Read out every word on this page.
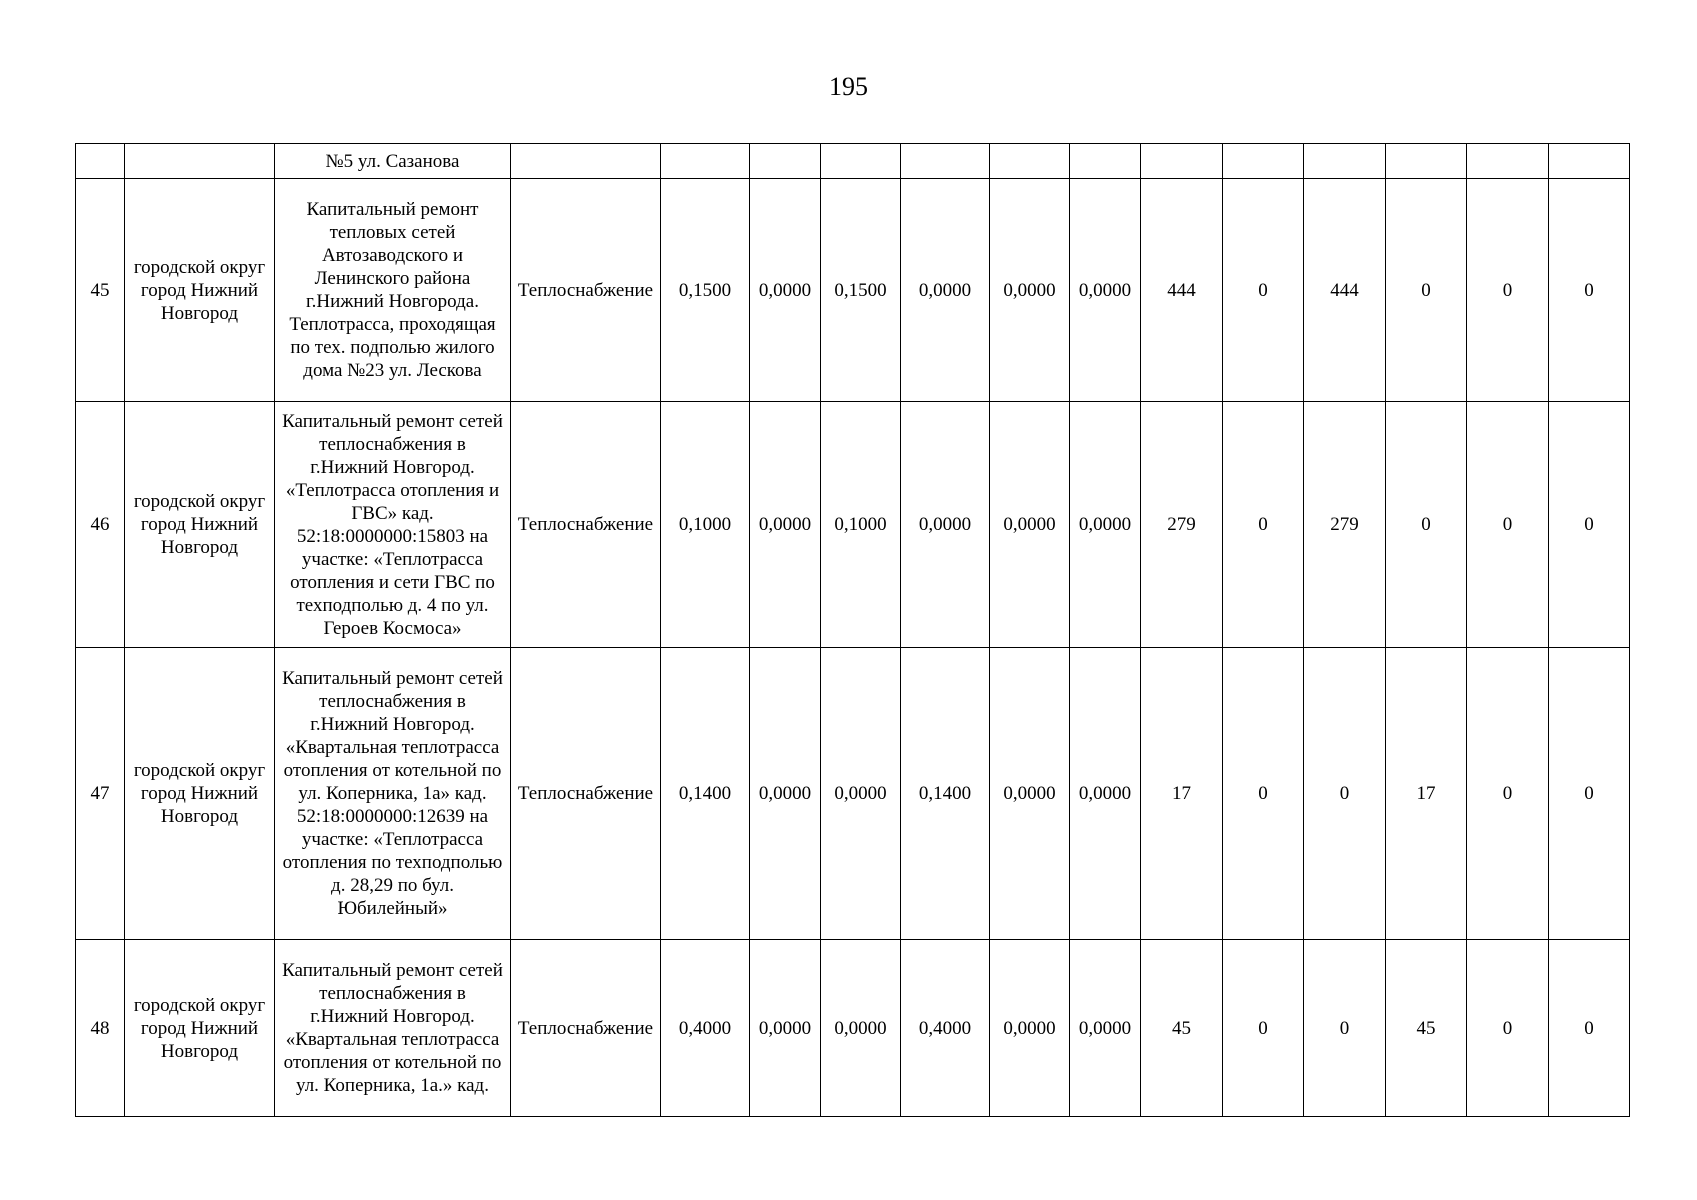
195
		№5 ул. Сазанова													
45	городской округ город Нижний Новгород	Капитальный ремонт тепловых сетей Автозаводского и Ленинского района г.Нижний Новгорода. Теплотрасса, проходящая по тех. подполью жилого дома №23 ул. Лескова	Теплоснабжение	0,1500	0,0000	0,1500	0,0000	0,0000	0,0000	444	0	444	0	0	0
46	городской округ город Нижний Новгород	Капитальный ремонт сетей теплоснабжения в г.Нижний Новгород. «Теплотрасса отопления и ГВС» кад. 52:18:0000000:15803 на участке: «Теплотрасса отопления и сети ГВС по техподполью д. 4 по ул. Героев Космоса»	Теплоснабжение	0,1000	0,0000	0,1000	0,0000	0,0000	0,0000	279	0	279	0	0	0
47	городской округ город Нижний Новгород	Капитальный ремонт сетей теплоснабжения в г.Нижний Новгород. «Квартальная теплотрасса отопления от котельной по ул. Коперника, 1а» кад. 52:18:0000000:12639 на участке: «Теплотрасса отопления по техподполью д. 28,29 по бул. Юбилейный»	Теплоснабжение	0,1400	0,0000	0,0000	0,1400	0,0000	0,0000	17	0	0	17	0	0
48	городской округ город Нижний Новгород	Капитальный ремонт сетей теплоснабжения в г.Нижний Новгород. «Квартальная теплотрасса отопления от котельной по ул. Коперника, 1а.» кад.	Теплоснабжение	0,4000	0,0000	0,0000	0,4000	0,0000	0,0000	45	0	0	45	0	0
